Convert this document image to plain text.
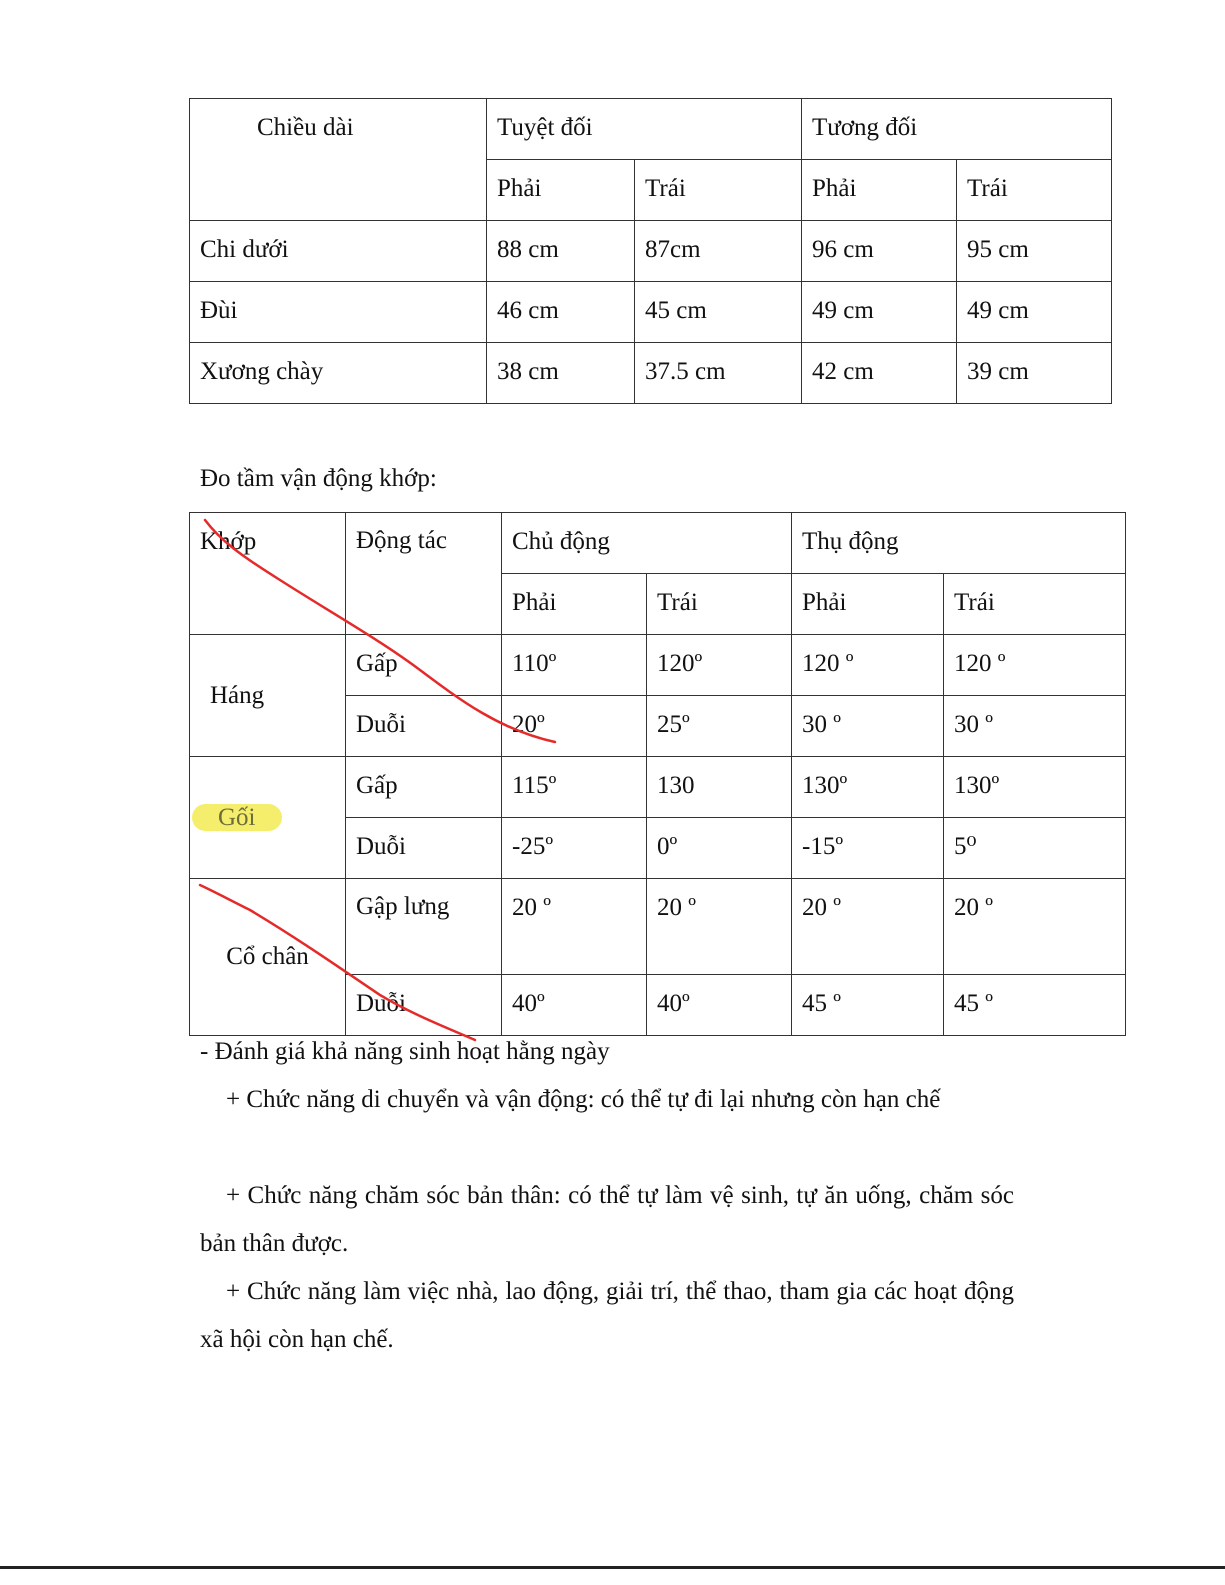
Chiều dài	Tuyệt đối		Tương đối	
	Phải	Trái	Phải	Trái
Chi dưới	88 cm	87cm	96 cm	95 cm
Đùi	46 cm	45 cm	49 cm	49 cm
Xương chày	38 cm	37.5 cm	42 cm	39 cm
Đo tầm vận động khớp:
Khớp	Động tác	Chủ động		Thụ động	
		Phải	Trái	Phải	Trái
Háng	Gấp	110º	120º	120 º	120 º
	Duỗi	20º	25º	30 º	30 º
Gối	Gấp	115º	130	130º	130º
	Duỗi	-25º	0º	-15º	5⁰
Cổ chân	Gập lưng	20 º	20 º	20 º	20 º
	Duỗi	40º	40º	45 º	45 º
- Đánh giá khả năng sinh hoạt hằng ngày
+ Chức năng di chuyển và vận động: có thể tự đi lại nhưng còn hạn chế
+ Chức năng chăm sóc bản thân: có thể tự làm vệ sinh, tự ăn uống, chăm sóc bản thân được.
+ Chức năng làm việc nhà, lao động, giải trí, thể thao, tham gia các hoạt động xã hội còn hạn chế.
